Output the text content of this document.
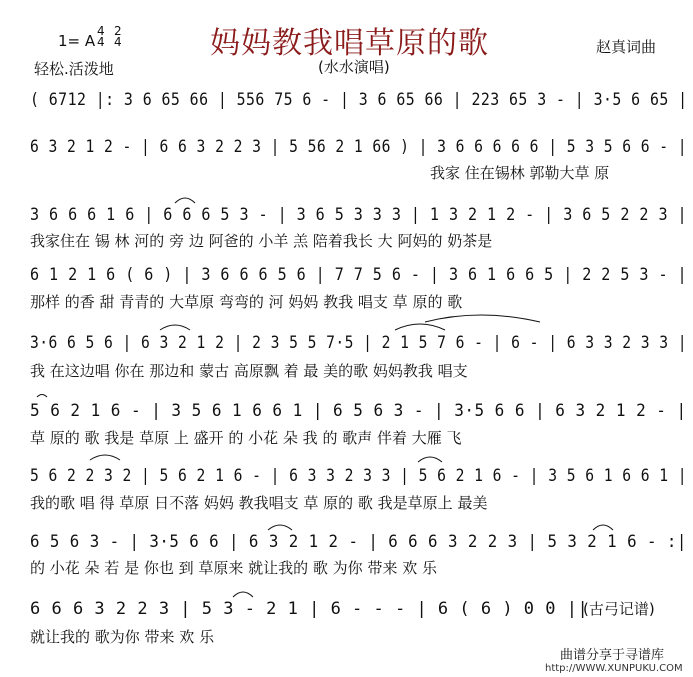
1= A
4
4
2
4	妈妈教我唱草原的歌	赵真词曲
轻松.活泼地	(水水演唱)
( 6712 |: 3 6 65 66 | 556 75 6 - | 3 6 65 66 | 223 65 3 - | 3·5 6 65 |
我家 住在锡林 郭勒大草 原
6 3 2 1 2 - | 6 6 3 2 2 3 | 5 56 2 1 66 ) | 3 6 6 6 6 6 | 5 3 5 6 6 - |
3 6 6 6 1 6 | 6 6 6 5 3 - | 3 6 5 3 3 3 | 1 3 2 1 2 - | 3 6 5 2 2 3 |
我家住在 锡 林 河的 旁 边 阿爸的 小羊 羔 陪着我长 大 阿妈的 奶茶是
6 1 2 1 6 ( 6 ) | 3 6 6 6 5 6 | 7 7 5 6 - | 3 6 1 6 6 5 | 2 2 5 3 - |
那样 的香 甜 青青的 大草原 弯弯的 河 妈妈 教我 唱支 草 原的 歌
3·6 6 5 6 | 6 3 2 1 2 | 2 3 5 5 7·5 | 2 1 5 7 6 - | 6 - | 6 3 3 2 3 3 |
我 在这边唱 你在 那边和 蒙古 高原飘 着 最 美的歌 妈妈教我 唱支
5 6 2 1 6 - | 3 5 6 1 6 6 1 | 6 5 6 3 - | 3·5 6 6 | 6 3 2 1 2 - |
草 原的 歌 我是 草原 上 盛开 的 小花 朵 我 的 歌声 伴着 大雁 飞
5 6 2 2 3 2 | 5 6 2 1 6 - | 6 3 3 2 3 3 | 5 6 2 1 6 - | 3 5 6 1 6 6 1 |
我的歌 唱 得 草原 日不落 妈妈 教我唱支 草 原的 歌 我是草原上 最美
6 5 6 3 - | 3·5 6 6 | 6 3 2 1 2 - | 6 6 6 3 2 2 3 | 5 3 2 1 6 - :|
的 小花 朵 若 是 你也 到 草原来 就让我的 歌 为你 带来 欢 乐
6 6 6 3 2 2 3 | 5 3 - 2 1 | 6 - - - | 6 ( 6 ) 0 0 ||
就让我的 歌为你 带来 欢 乐
(古弓记谱)
曲谱分享于寻谱库
http://WWW.XUNPUKU.COM
